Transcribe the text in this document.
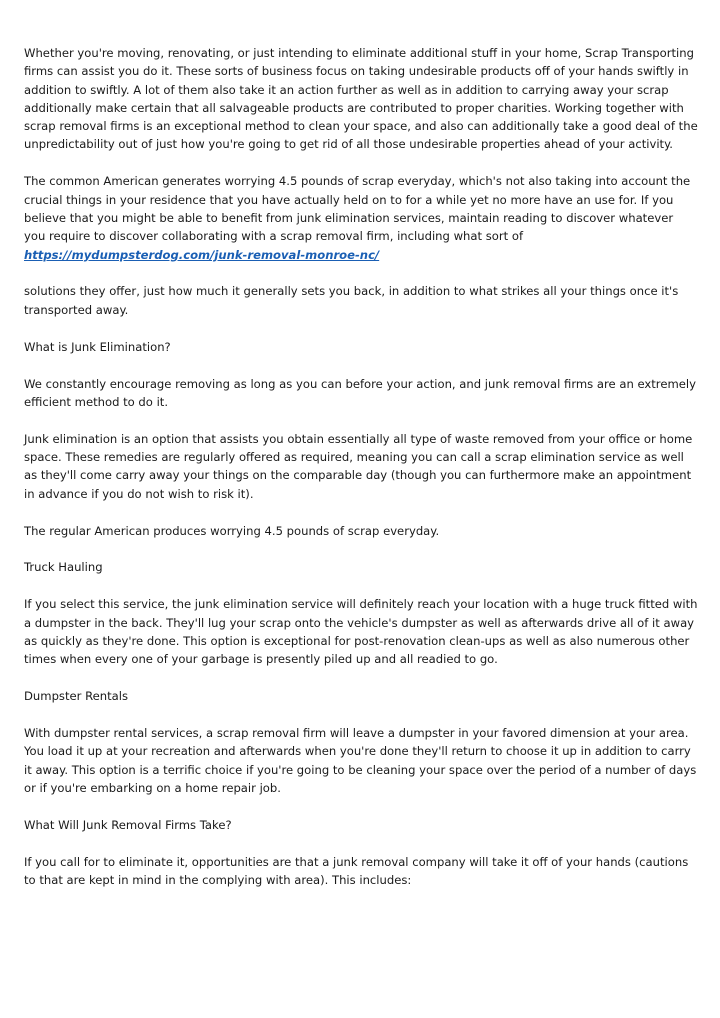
Whether you're moving, renovating, or just intending to eliminate additional stuff in your home, Scrap Transporting firms can assist you do it. These sorts of business focus on taking undesirable products off of your hands swiftly in addition to swiftly. A lot of them also take it an action further as well as in addition to carrying away your scrap additionally make certain that all salvageable products are contributed to proper charities. Working together with scrap removal firms is an exceptional method to clean your space, and also can additionally take a good deal of the unpredictability out of just how you're going to get rid of all those undesirable properties ahead of your activity.

The common American generates worrying 4.5 pounds of scrap everyday, which's not also taking into account the crucial things in your residence that you have actually held on to for a while yet no more have an use for. If you believe that you might be able to benefit from junk elimination services, maintain reading to discover whatever you require to discover collaborating with a scrap removal firm, including what sort of

https://mydumpsterdog.com/junk-removal-monroe-nc/

solutions they offer, just how much it generally sets you back, in addition to what strikes all your things once it's transported away.

What is Junk Elimination?

We constantly encourage removing as long as you can before your action, and junk removal firms are an extremely efficient method to do it.

Junk elimination is an option that assists you obtain essentially all type of waste removed from your office or home space. These remedies are regularly offered as required, meaning you can call a scrap elimination service as well as they'll come carry away your things on the comparable day (though you can furthermore make an appointment in advance if you do not wish to risk it).

The regular American produces worrying 4.5 pounds of scrap everyday.

Truck Hauling

If you select this service, the junk elimination service will definitely reach your location with a huge truck fitted with a dumpster in the back. They'll lug your scrap onto the vehicle's dumpster as well as afterwards drive all of it away as quickly as they're done. This option is exceptional for post-renovation clean-ups as well as also numerous other times when every one of your garbage is presently piled up and all readied to go.

Dumpster Rentals

With dumpster rental services, a scrap removal firm will leave a dumpster in your favored dimension at your area. You load it up at your recreation and afterwards when you're done they'll return to choose it up in addition to carry it away. This option is a terrific choice if you're going to be cleaning your space over the period of a number of days or if you're embarking on a home repair job.

What Will Junk Removal Firms Take?

If you call for to eliminate it, opportunities are that a junk removal company will take it off of your hands (cautions to that are kept in mind in the complying with area). This includes:
